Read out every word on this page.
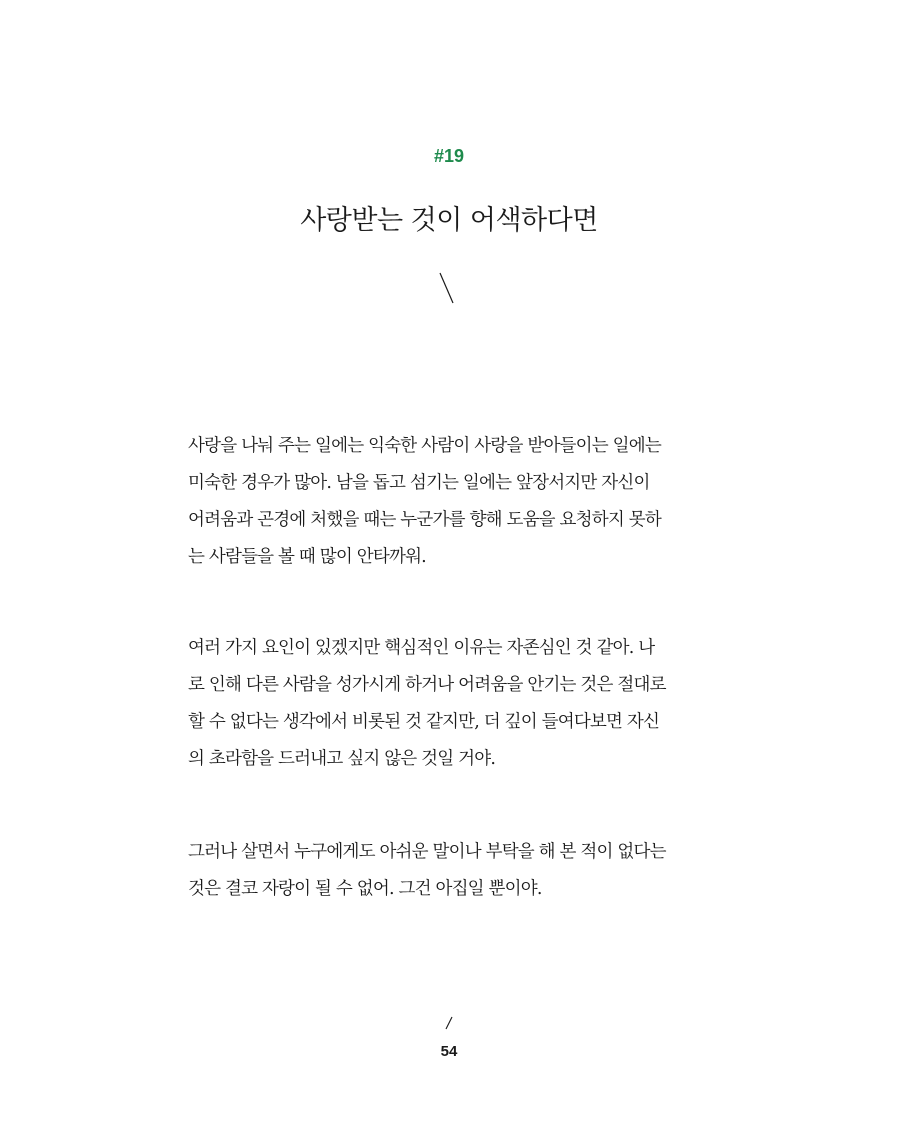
#19
사랑받는 것이 어색하다면
사랑을 나눠 주는 일에는 익숙한 사람이 사랑을 받아들이는 일에는
미숙한 경우가 많아. 남을 돕고 섬기는 일에는 앞장서지만 자신이
어려움과 곤경에 처했을 때는 누군가를 향해 도움을 요청하지 못하
는 사람들을 볼 때 많이 안타까워.
여러 가지 요인이 있겠지만 핵심적인 이유는 자존심인 것 같아. 나
로 인해 다른 사람을 성가시게 하거나 어려움을 안기는 것은 절대로
할 수 없다는 생각에서 비롯된 것 같지만, 더 깊이 들여다보면 자신
의 초라함을 드러내고 싶지 않은 것일 거야.
그러나 살면서 누구에게도 아쉬운 말이나 부탁을 해 본 적이 없다는
것은 결코 자랑이 될 수 없어. 그건 아집일 뿐이야.
54
